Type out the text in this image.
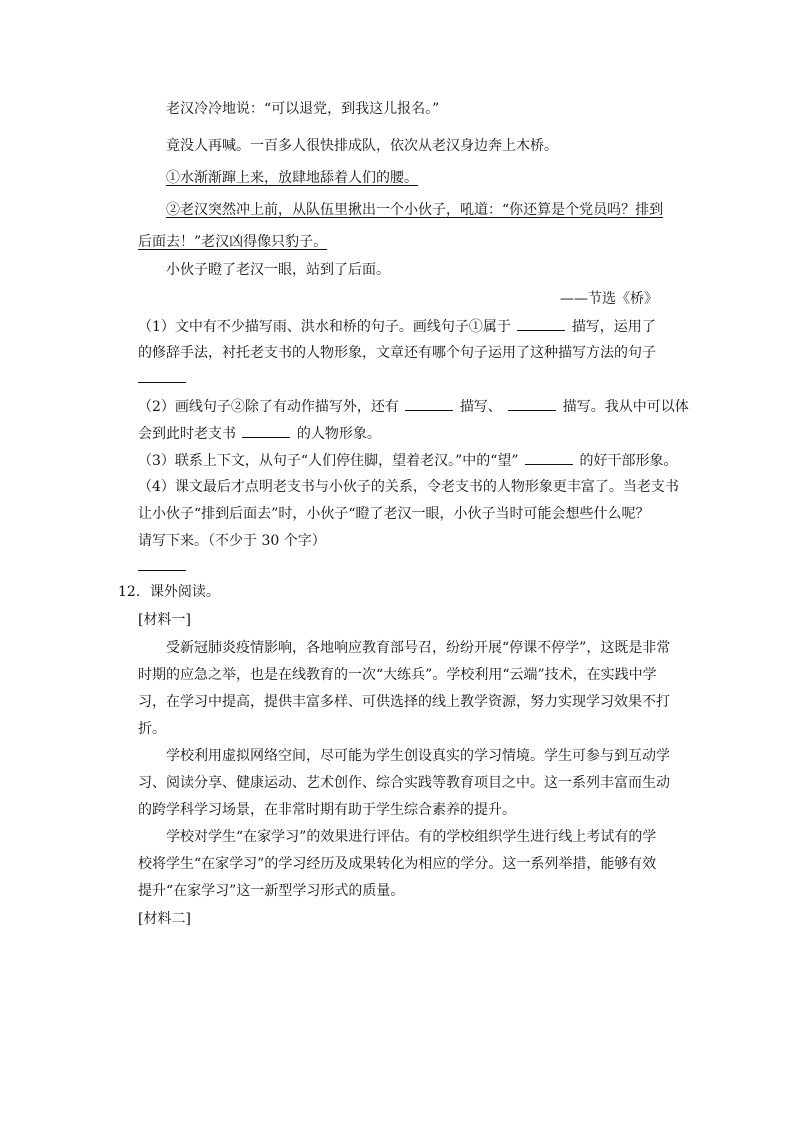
老汉冷冷地说：“可以退党，到我这儿报名。”
竟没人再喊。一百多人很快排成队，依次从老汉身边奔上木桥。
①水渐渐蹿上来，放肆地舔着人们的腰。
②老汉突然冲上前，从队伍里揪出一个小伙子，吼道：“你还算是个党员吗？排到
后面去！”老汉凶得像只豹子。
小伙子瞪了老汉一眼，站到了后面。
——节选《桥》
（1）文中有不少描写雨、洪水和桥的句子。画线句子①属于	描写，运用了
的修辞手法，衬托老支书的人物形象，文章还有哪个句子运用了这种描写方法的句子
（2）画线句子②除了有动作描写外，还有	描写、	描写。我从中可以体
会到此时老支书	的人物形象。
（3）联系上下文，从句子“人们停住脚，望着老汉。”中的“望”	的好干部形象。
（4）课文最后才点明老支书与小伙子的关系，令老支书的人物形象更丰富了。当老支书
让小伙子“排到后面去”时，小伙子“瞪了老汉一眼，小伙子当时可能会想些什么呢？
请写下来。（不少于 30 个字）
12．课外阅读。
[材料一]
受新冠肺炎疫情影响，各地响应教育部号召，纷纷开展“停课不停学”，这既是非常
时期的应急之举，也是在线教育的一次“大练兵”。学校利用“云端”技术，在实践中学
习，在学习中提高，提供丰富多样、可供选择的线上教学资源，努力实现学习效果不打
折。
学校利用虚拟网络空间，尽可能为学生创设真实的学习情境。学生可参与到互动学
习、阅读分享、健康运动、艺术创作、综合实践等教育项目之中。这一系列丰富而生动
的跨学科学习场景，在非常时期有助于学生综合素养的提升。
学校对学生“在家学习”的效果进行评估。有的学校组织学生进行线上考试有的学
校将学生“在家学习”的学习经历及成果转化为相应的学分。这一系列举措，能够有效
提升“在家学习”这一新型学习形式的质量。
[材料二]
